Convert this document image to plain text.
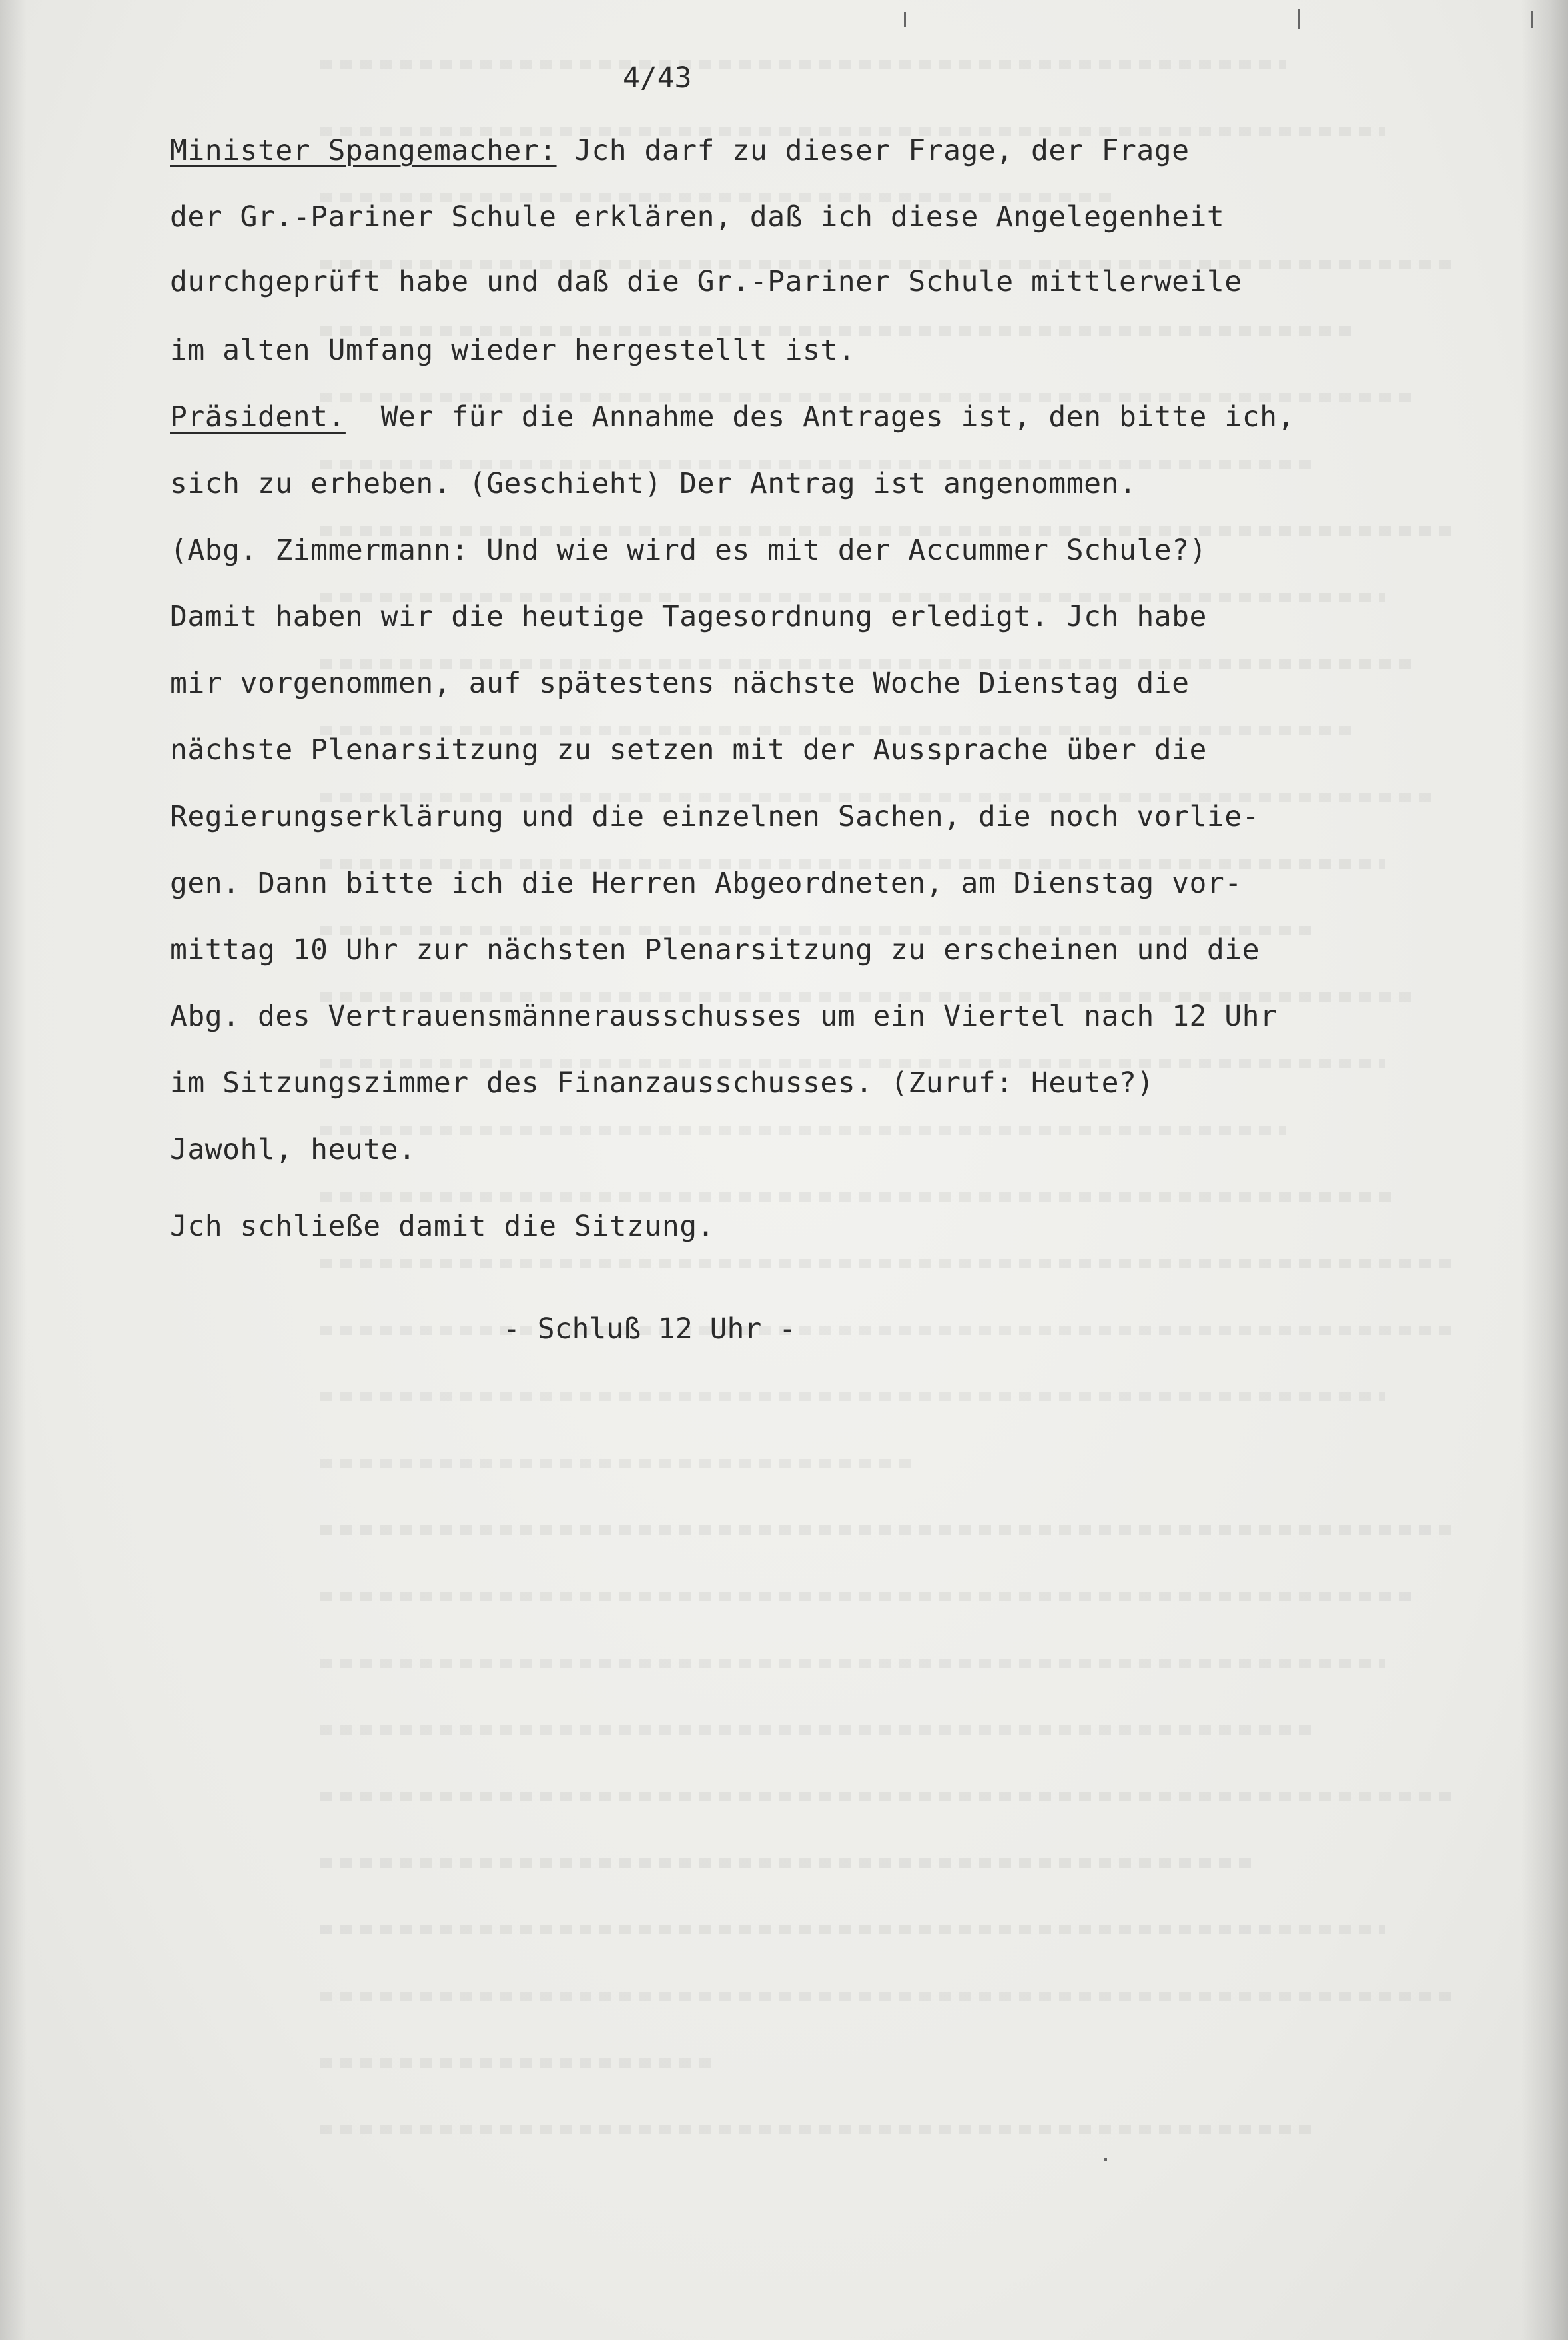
4/43
Minister Spangemacher: Jch darf zu dieser Frage, der Frage
der Gr.-Pariner Schule erklären, daß ich diese Angelegenheit
durchgeprüft habe und daß die Gr.-Pariner Schule mittlerweile
im alten Umfang wieder hergestellt ist.
Präsident.  Wer für die Annahme des Antrages ist, den bitte ich,
sich zu erheben. (Geschieht) Der Antrag ist angenommen.
(Abg. Zimmermann: Und wie wird es mit der Accummer Schule?)
Damit haben wir die heutige Tagesordnung erledigt. Jch habe
mir vorgenommen, auf spätestens nächste Woche Dienstag die
nächste Plenarsitzung zu setzen mit der Aussprache über die
Regierungserklärung und die einzelnen Sachen, die noch vorlie-
gen. Dann bitte ich die Herren Abgeordneten, am Dienstag vor-
mittag 10 Uhr zur nächsten Plenarsitzung zu erscheinen und die
Abg. des Vertrauensmännerausschusses um ein Viertel nach 12 Uhr
im Sitzungszimmer des Finanzausschusses. (Zuruf: Heute?)
Jawohl, heute.
Jch schließe damit die Sitzung.
- Schluß 12 Uhr -
